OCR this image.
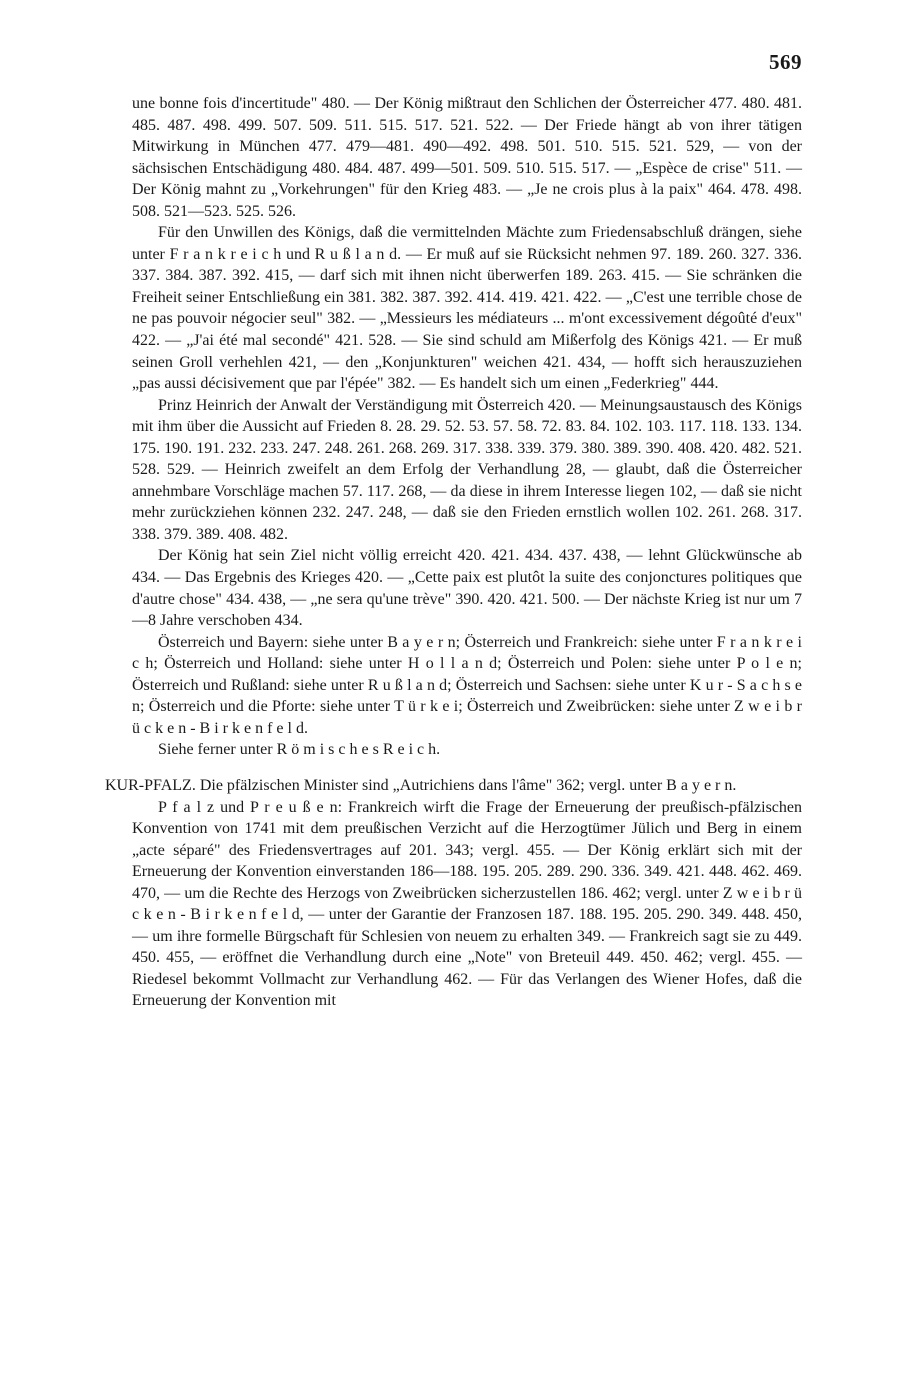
569

une bonne fois d'incertitude" 480. — Der König mißtraut den Schlichen der Österreicher 477. 480. 481. 485. 487. 498. 499. 507. 509. 511. 515. 517. 521. 522. — Der Friede hängt ab von ihrer tätigen Mitwirkung in München 477. 479—481. 490—492. 498. 501. 510. 515. 521. 529, — von der sächsischen Entschädigung 480. 484. 487. 499—501. 509. 510. 515. 517. — „Espèce de crise" 511. — Der König mahnt zu „Vorkehrungen" für den Krieg 483. — „Je ne crois plus à la paix" 464. 478. 498. 508. 521—523. 525. 526.

Für den Unwillen des Königs, daß die vermittelnden Mächte zum Friedensabschluß drängen, siehe unter F r a n k r e i c h und R u ß l a n d. — Er muß auf sie Rücksicht nehmen 97. 189. 260. 327. 336. 337. 384. 387. 392. 415, — darf sich mit ihnen nicht überwerfen 189. 263. 415. — Sie schränken die Freiheit seiner Entschließung ein 381. 382. 387. 392. 414. 419. 421. 422. — „C'est une terrible chose de ne pas pouvoir négocier seul" 382. — „Messieurs les médiateurs ... m'ont excessivement dégoûté d'eux" 422. — „J'ai été mal secondé" 421. 528. — Sie sind schuld am Mißerfolg des Königs 421. — Er muß seinen Groll verhehlen 421, — den „Konjunkturen" weichen 421. 434, — hofft sich herauszuziehen „pas aussi décisivement que par l'épée" 382. — Es handelt sich um einen „Federkrieg" 444.

Prinz Heinrich der Anwalt der Verständigung mit Österreich 420. — Meinungsaustausch des Königs mit ihm über die Aussicht auf Frieden 8. 28. 29. 52. 53. 57. 58. 72. 83. 84. 102. 103. 117. 118. 133. 134. 175. 190. 191. 232. 233. 247. 248. 261. 268. 269. 317. 338. 339. 379. 380. 389. 390. 408. 420. 482. 521. 528. 529. — Heinrich zweifelt an dem Erfolg der Verhandlung 28, — glaubt, daß die Österreicher annehmbare Vorschläge machen 57. 117. 268, — da diese in ihrem Interesse liegen 102, — daß sie nicht mehr zurückziehen können 232. 247. 248, — daß sie den Frieden ernstlich wollen 102. 261. 268. 317. 338. 379. 389. 408. 482.

Der König hat sein Ziel nicht völlig erreicht 420. 421. 434. 437. 438, — lehnt Glückwünsche ab 434. — Das Ergebnis des Krieges 420. — „Cette paix est plutôt la suite des conjonctures politiques que d'autre chose" 434. 438, — „ne sera qu'une trève" 390. 420. 421. 500. — Der nächste Krieg ist nur um 7—8 Jahre verschoben 434.

Österreich und Bayern: siehe unter B a y e r n; Österreich und Frankreich: siehe unter F r a n k r e i c h; Österreich und Holland: siehe unter H o l l a n d; Österreich und Polen: siehe unter P o l e n; Österreich und Rußland: siehe unter R u ß l a n d; Österreich und Sachsen: siehe unter K u r - S a c h s e n; Österreich und die Pforte: siehe unter T ü r k e i; Österreich und Zweibrücken: siehe unter Z w e i b r ü c k e n - B i r k e n f e l d.

Siehe ferner unter R ö m i s c h e s R e i c h.

KUR-PFALZ. Die pfälzischen Minister sind „Autrichiens dans l'âme" 362; vergl. unter B a y e r n.

P f a l z und P r e u ß e n: Frankreich wirft die Frage der Erneuerung der preußisch-pfälzischen Konvention von 1741 mit dem preußischen Verzicht auf die Herzogtümer Jülich und Berg in einem „acte séparé" des Friedensvertrages auf 201. 343; vergl. 455. — Der König erklärt sich mit der Erneuerung der Konvention einverstanden 186—188. 195. 205. 289. 290. 336. 349. 421. 448. 462. 469. 470, — um die Rechte des Herzogs von Zweibrücken sicherzustellen 186. 462; vergl. unter Z w e i b r ü c k e n - B i r k e n f e l d, — unter der Garantie der Franzosen 187. 188. 195. 205. 290. 349. 448. 450, — um ihre formelle Bürgschaft für Schlesien von neuem zu erhalten 349. — Frankreich sagt sie zu 449. 450. 455, — eröffnet die Verhandlung durch eine „Note" von Breteuil 449. 450. 462; vergl. 455. — Riedesel bekommt Vollmacht zur Verhandlung 462. — Für das Verlangen des Wiener Hofes, daß die Erneuerung der Konvention mit
